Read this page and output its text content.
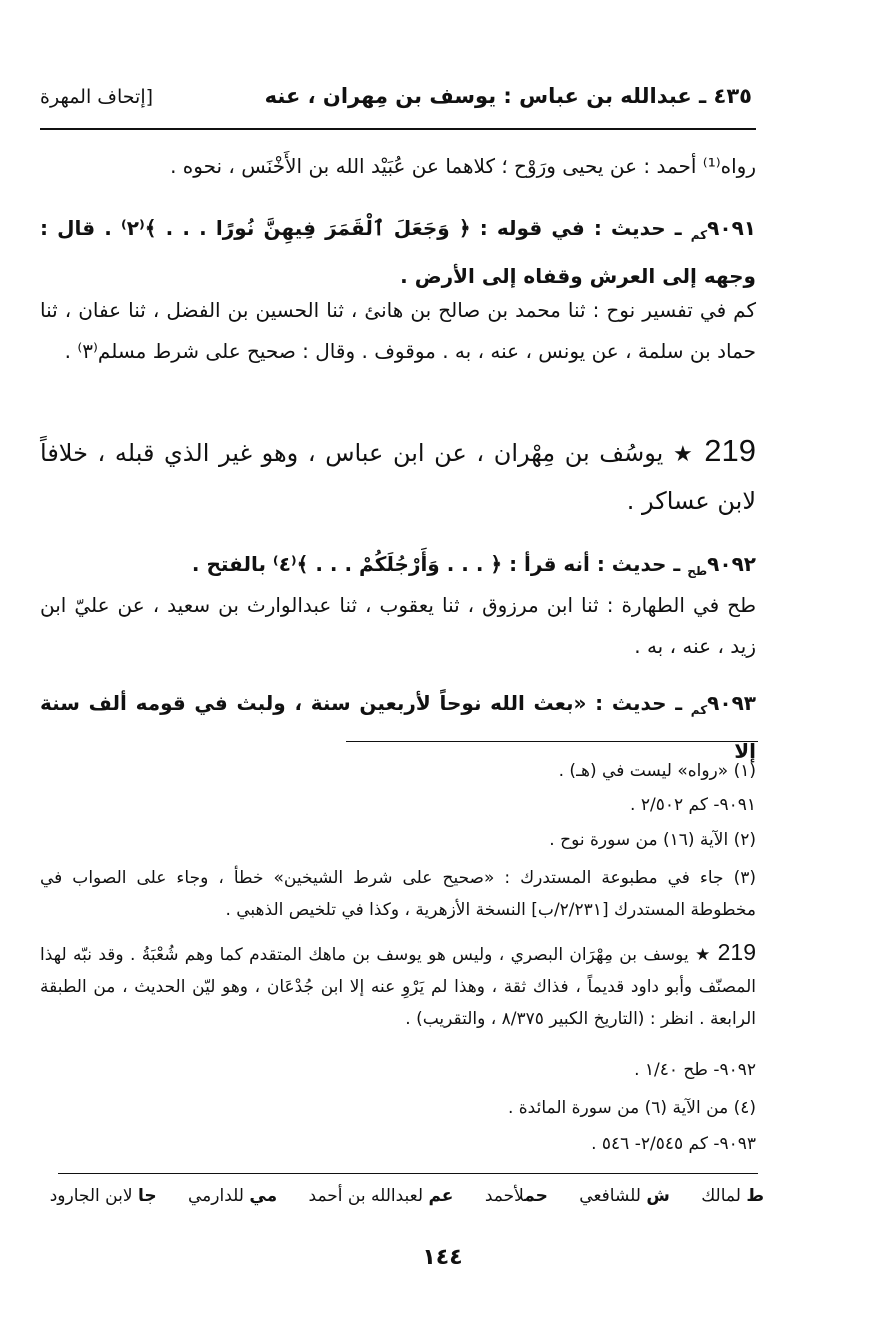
٤٣٥ ـ عبدالله بن عباس : يوسف بن مِهران ، عنه
[إتحاف المهرة
رواه⁽¹⁾ أحمد : عن يحيى ورَوْح ؛ كلاهما عن عُبَيْد الله بن الأَخْنَس ، نحوه .
$٩٠٩١_{كم}$ ـ حديث : في قوله : ﴿ وَجَعَلَ ٱلْقَمَرَ فِيهِنَّ نُورًا . . . ﴾⁽٢⁾ . قال : وجهه إلى العرش وقفاه إلى الأرض .
كم في تفسير نوح : ثنا محمد بن صالح بن هانئ ، ثنا الحسين بن الفضل ، ثنا عفان ، ثنا حماد بن سلمة ، عن يونس ، عنه ، به . موقوف . وقال : صحيح على شرط مسلم⁽٣⁾ .
219 ★ يوسُف بن مِهْران ، عن ابن عباس ، وهو غير الذي قبله ، خلافاً لابن عساكر .
$٩٠٩٢_{طح}$ ـ حديث : أنه قرأ : ﴿ . . . وَأَرْجُلَكُمْ . . . ﴾⁽٤⁾ بالفتح .
طح في الطهارة : ثنا ابن مرزوق ، ثنا يعقوب ، ثنا عبدالوارث بن سعيد ، عن عليّ ابن زيد ، عنه ، به .
$٩٠٩٣_{كم}$ ـ حديث : «بعث الله نوحاً لأربعين سنة ، ولبث في قومه ألف سنة إلا
(١) «رواه» ليست في (هـ) .
٩٠٩١- كم ٢/٥٠٢ .
(٢) الآية (١٦) من سورة نوح .
(٣) جاء في مطبوعة المستدرك : «صحيح على شرط الشيخين» خطأ ، وجاء على الصواب في مخطوطة المستدرك [٢/٢٣١/ب] النسخة الأزهرية ، وكذا في تلخيص الذهبي .
219 ★ يوسف بن مِهْرَان البصري ، وليس هو يوسف بن ماهك المتقدم كما وهم شُعْبَةُ . وقد نبّه لهذا المصنّف وأبو داود قديماً ، فذاك ثقة ، وهذا لم يَرْوِ عنه إلا ابن جُدْعَان ، وهو ليّن الحديث ، من الطبقة الرابعة . انظر : (التاريخ الكبير ٨/٣٧٥ ، والتقريب) .
٩٠٩٢- طح ١/٤٠ .
(٤) من الآية (٦) من سورة المائدة .
٩٠٩٣- كم ٢/٥٤٥- ٥٤٦ .
ط لمالك ش للشافعي حملأحمد عم لعبدالله بن أحمد مي للدارمي جا لابن الجارود
١٤٤
